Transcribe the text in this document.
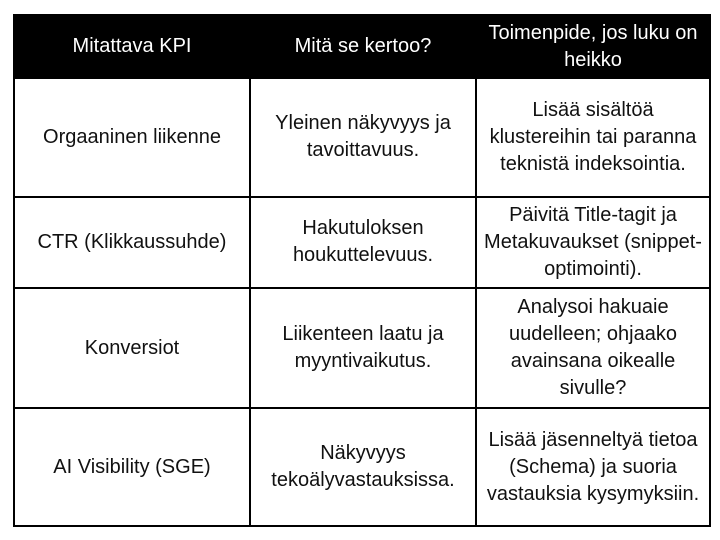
Mitattava KPI	Mitä se kertoo?	Toimenpide, jos luku on heikko
Orgaaninen liikenne	Yleinen näkyvyys ja tavoittavuus.	Lisää sisältöä klustereihin tai paranna teknistä indeksointia.
CTR (Klikkaussuhde)	Hakutuloksen houkuttelevuus.	Päivitä Title-tagit ja Metakuvaukset (snippet-optimointi).
Konversiot	Liikenteen laatu ja myyntivaikutus.	Analysoi hakuaie uudelleen; ohjaako avainsana oikealle sivulle?
AI Visibility (SGE)	Näkyvyys tekoälyvastauksissa.	Lisää jäsenneltyä tietoa (Schema) ja suoria vastauksia kysymyksiin.
